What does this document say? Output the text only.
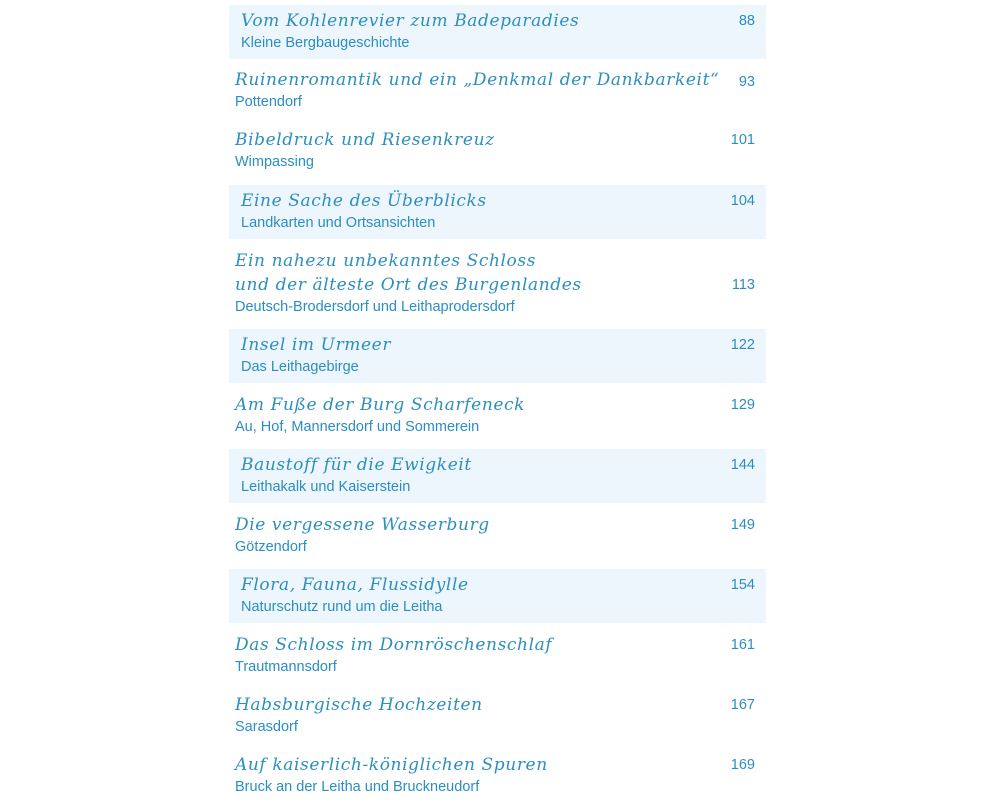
Vom Kohlenrevier zum Badeparadies
Kleine Bergbaugeschichte
88
Ruinenromantik und ein „Denkmal der Dankbarkeit“
Pottendorf
93
Bibeldruck und Riesenkreuz
Wimpassing
101
Eine Sache des Überblicks
Landkarten und Ortsansichten
104
Ein nahezu unbekanntes Schloss
und der älteste Ort des Burgenlandes
Deutsch-Brodersdorf und Leithaprodersdorf
113
Insel im Urmeer
Das Leithagebirge
122
Am Fuße der Burg Scharfeneck
Au, Hof, Mannersdorf und Sommerein
129
Baustoff für die Ewigkeit
Leithakalk und Kaiserstein
144
Die vergessene Wasserburg
Götzendorf
149
Flora, Fauna, Flussidylle
Naturschutz rund um die Leitha
154
Das Schloss im Dornröschenschlaf
Trautmannsdorf
161
Habsburgische Hochzeiten
Sarasdorf
167
Auf kaiserlich-königlichen Spuren
Bruck an der Leitha und Bruckneudorf
169
